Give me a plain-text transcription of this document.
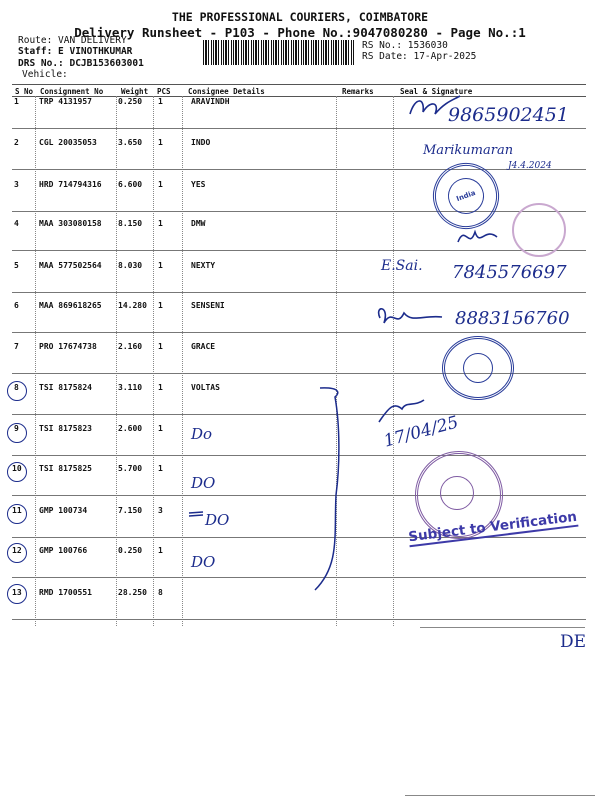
THE PROFESSIONAL COURIERS, COIMBATORE
Delivery Runsheet - P103 - Phone No.:9047080280 - Page No.:1
Route: VAN DELIVERY
Staff: E VINOTHKUMAR
DRS No.: DCJB153603001
Vehicle:
RS No.: 1536030
RS Date: 17-Apr-2025
S No Consignment No Weight PCS Consignee Details	Remarks	Seal & Signature
1	TRP 4131957	0.250 1	ARAVINDH
2	CGL 20035053	3.650 1	INDO
3	HRD 714794316 6.600 1	YES
4	MAA 303080158 8.150 1	DMW
5	MAA 577502564 8.030 1	NEXTY
6	MAA 869618265 14.280 1	SENSENI
7	PRO 17674738	2.160 1	GRACE
8	TSI 8175824	3.110 1	VOLTAS
9	TSI 8175823	2.600 1
10 TSI 8175825	5.700 1
11 GMP 100734	7.150 3
12 GMP 100766	0.250 1
13 RMD 1700551	28.250 8
9865902451
Marikumaran
J4.4.2024
India
E.Sai. 7845576697
8883156760
17/04/25
Do
DO
DO
DO
Subject to Verification
DE
